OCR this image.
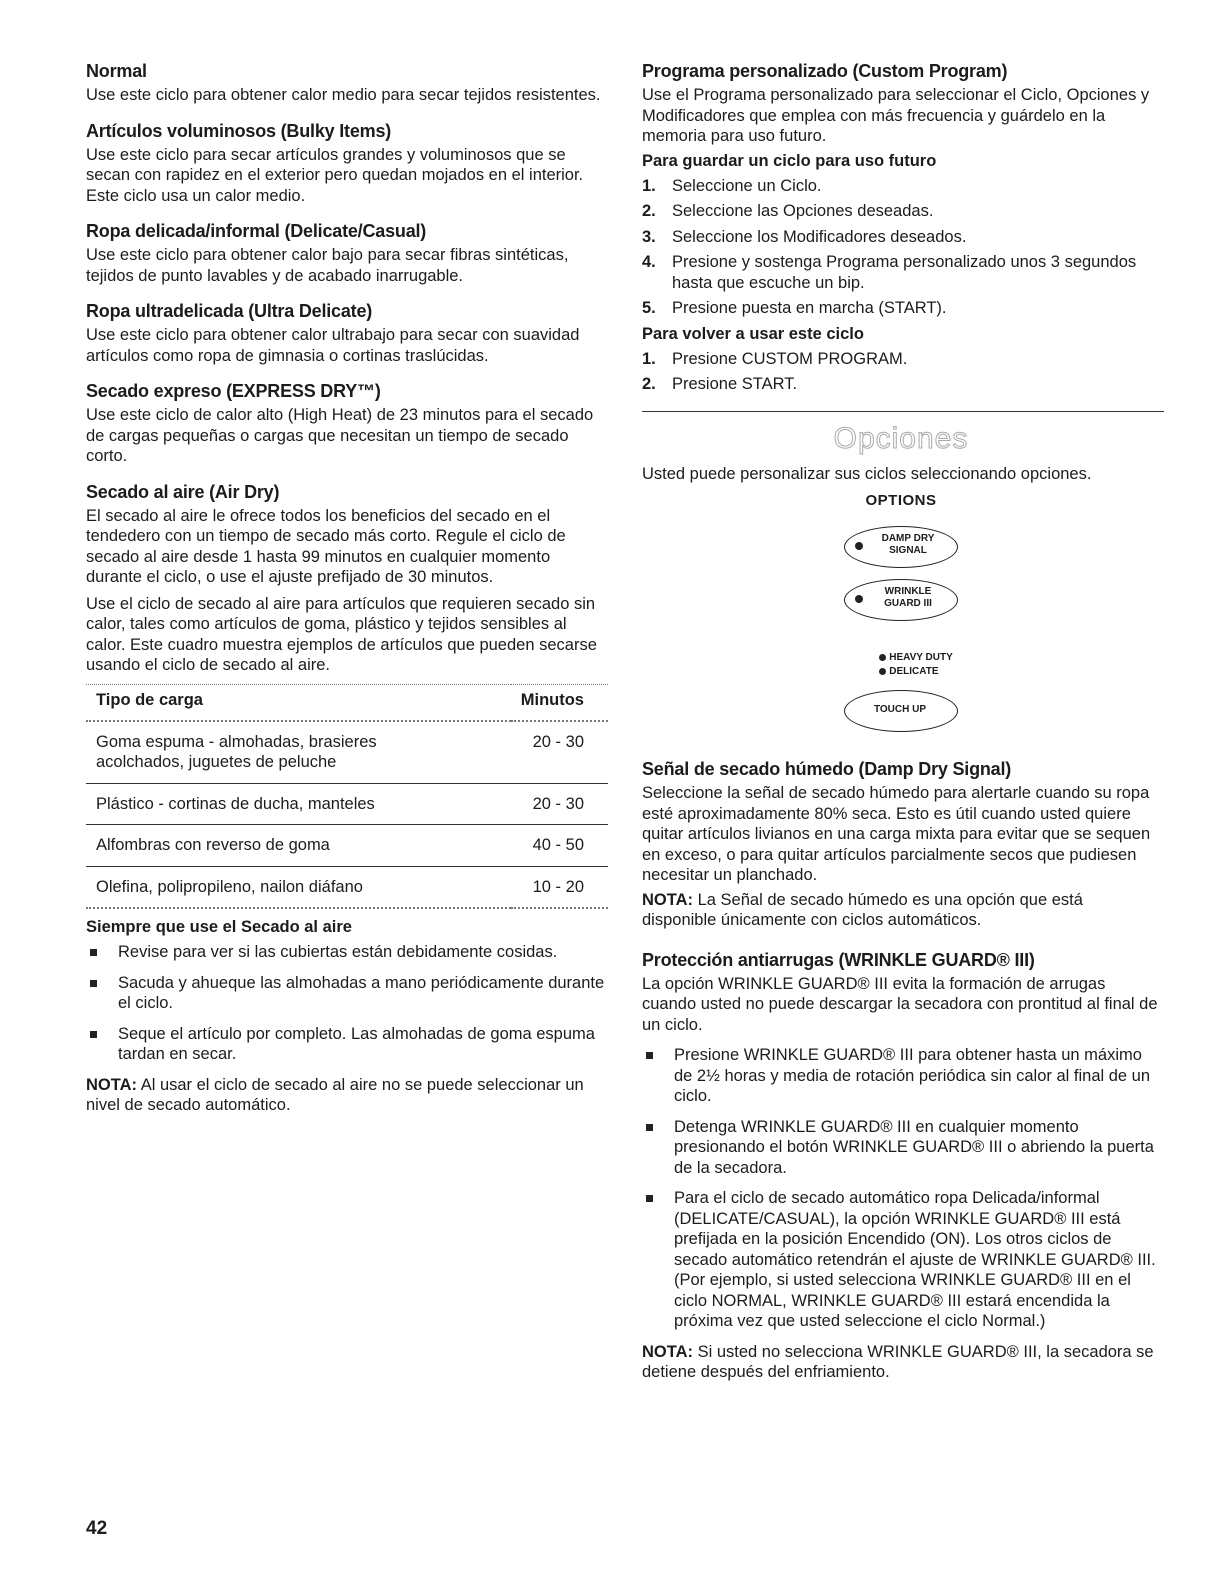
Normal

Use este ciclo para obtener calor medio para secar tejidos resistentes.

Artículos voluminosos (Bulky Items)

Use este ciclo para secar artículos grandes y voluminosos que se secan con rapidez en el exterior pero quedan mojados en el interior. Este ciclo usa un calor medio.

Ropa delicada/informal (Delicate/Casual)

Use este ciclo para obtener calor bajo para secar fibras sintéticas, tejidos de punto lavables y de acabado inarrugable.

Ropa ultradelicada (Ultra Delicate)

Use este ciclo para obtener calor ultrabajo para secar con suavidad artículos como ropa de gimnasia o cortinas traslúcidas.

Secado expreso (EXPRESS DRY™)

Use este ciclo de calor alto (High Heat) de 23 minutos para el secado de cargas pequeñas o cargas que necesitan un tiempo de secado corto.

Secado al aire (Air Dry)

El secado al aire le ofrece todos los beneficios del secado en el tendedero con un tiempo de secado más corto. Regule el ciclo de secado al aire desde 1 hasta 99 minutos en cualquier momento durante el ciclo, o use el ajuste prefijado de 30 minutos.

Use el ciclo de secado al aire para artículos que requieren secado sin calor, tales como artículos de goma, plástico y tejidos sensibles al calor. Este cuadro muestra ejemplos de artículos que pueden secarse usando el ciclo de secado al aire.

Tipo de carga	Minutos
Goma espuma - almohadas, brasieres acolchados, juguetes de peluche	20 - 30
Plástico - cortinas de ducha, manteles	20 - 30
Alfombras con reverso de goma	40 - 50
Olefina, polipropileno, nailon diáfano	10 - 20
Siempre que use el Secado al aire
Revise para ver si las cubiertas están debidamente cosidas.
Sacuda y ahueque las almohadas a mano periódicamente durante el ciclo.
Seque el artículo por completo. Las almohadas de goma espuma tardan en secar.

NOTA: Al usar el ciclo de secado al aire no se puede seleccionar un nivel de secado automático.

Programa personalizado (Custom Program)

Use el Programa personalizado para seleccionar el Ciclo, Opciones y Modificadores que emplea con más frecuencia y guárdelo en la memoria para uso futuro.

Para guardar un ciclo para uso futuro
1. Seleccione un Ciclo.
2. Seleccione las Opciones deseadas.
3. Seleccione los Modificadores deseados.
4. Presione y sostenga Programa personalizado unos 3 segundos hasta que escuche un bip.
5. Presione puesta en marcha (START).
Para volver a usar este ciclo
1. Presione CUSTOM PROGRAM.
2. Presione START.
Opciones

Usted puede personalizar sus ciclos seleccionando opciones.

OPTIONS
DAMP DRY SIGNAL
WRINKLE GUARD III
HEAVY DUTY
DELICATE
TOUCH UP
Señal de secado húmedo (Damp Dry Signal)

Seleccione la señal de secado húmedo para alertarle cuando su ropa esté aproximadamente 80% seca. Esto es útil cuando usted quiere quitar artículos livianos en una carga mixta para evitar que se sequen en exceso, o para quitar artículos parcialmente secos que pudiesen necesitar un planchado.

NOTA: La Señal de secado húmedo es una opción que está disponible únicamente con ciclos automáticos.

Protección antiarrugas (WRINKLE GUARD® III)

La opción WRINKLE GUARD® III evita la formación de arrugas cuando usted no puede descargar la secadora con prontitud al final de un ciclo.

Presione WRINKLE GUARD® III para obtener hasta un máximo de 2½ horas y media de rotación periódica sin calor al final de un ciclo.
Detenga WRINKLE GUARD® III en cualquier momento presionando el botón WRINKLE GUARD® III o abriendo la puerta de la secadora.
Para el ciclo de secado automático ropa Delicada/informal (DELICATE/CASUAL), la opción WRINKLE GUARD® III está prefijada en la posición Encendido (ON). Los otros ciclos de secado automático retendrán el ajuste de WRINKLE GUARD® III. (Por ejemplo, si usted selecciona WRINKLE GUARD® III en el ciclo NORMAL, WRINKLE GUARD® III estará encendida la próxima vez que usted seleccione el ciclo Normal.)

NOTA: Si usted no selecciona WRINKLE GUARD® III, la secadora se detiene después del enfriamiento.

42
